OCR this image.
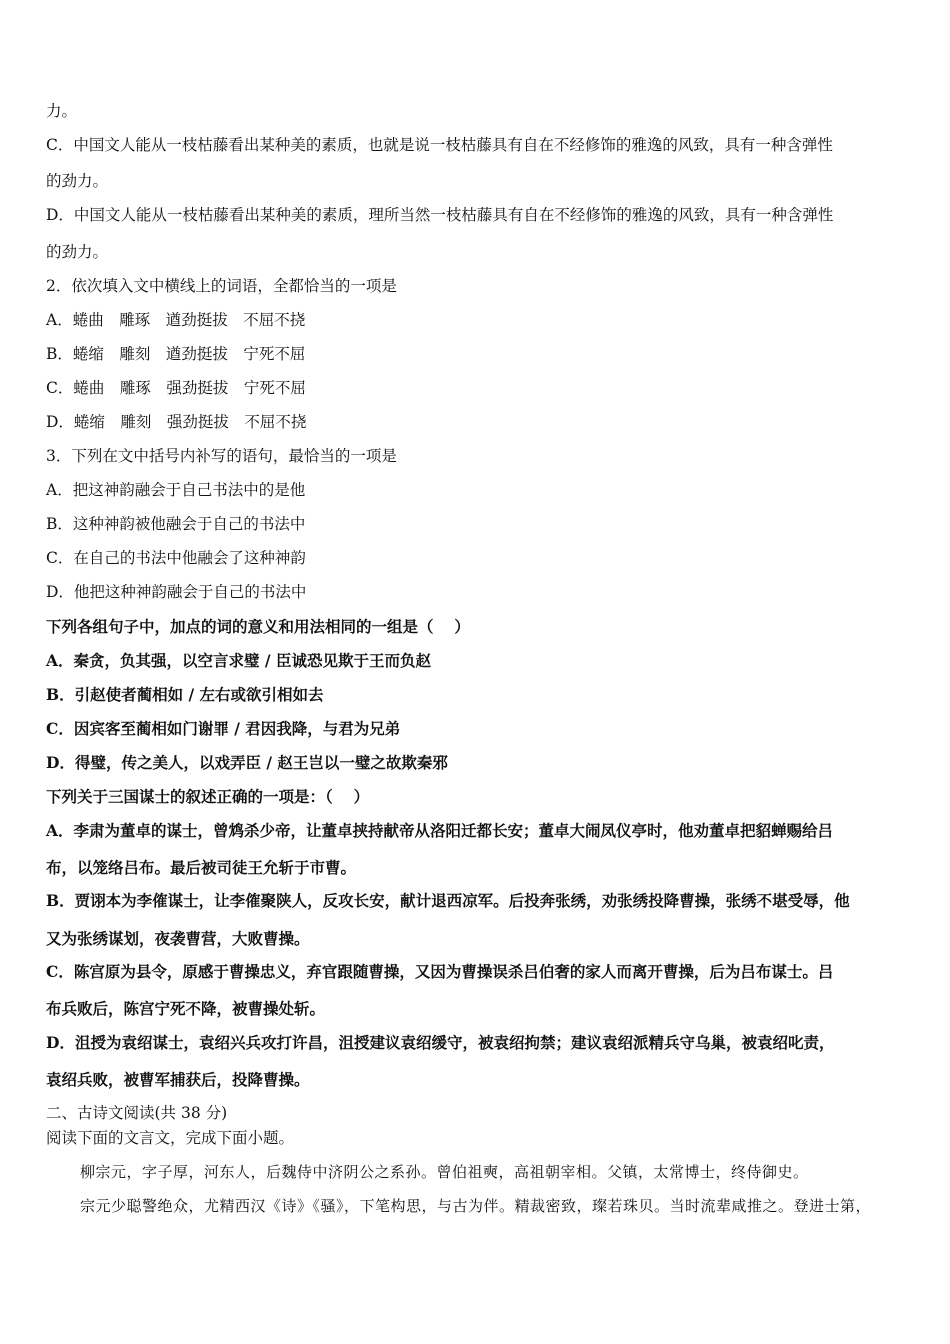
力。
C．中国文人能从一枝枯藤看出某种美的素质，也就是说一枝枯藤具有自在不经修饰的雅逸的风致，具有一种含弹性
的劲力。
D．中国文人能从一枝枯藤看出某种美的素质，理所当然一枝枯藤具有自在不经修饰的雅逸的风致，具有一种含弹性
的劲力。
2．依次填入文中横线上的词语，全都恰当的一项是
A．蜷曲　雕琢　遒劲挺拔　不屈不挠
B．蜷缩　雕刻　遒劲挺拔　宁死不屈
C．蜷曲　雕琢　强劲挺拔　宁死不屈
D．蜷缩　雕刻　强劲挺拔　不屈不挠
3．下列在文中括号内补写的语句，最恰当的一项是
A．把这神韵融会于自己书法中的是他
B．这种神韵被他融会于自己的书法中
C．在自己的书法中他融会了这种神韵
D．他把这种神韵融会于自己的书法中
下列各组句子中，加点的词的意义和用法相同的一组是（　 ）
A．秦贪，负其强，以空言求璧 / 臣诚恐见欺于王而负赵
B．引赵使者蔺相如 / 左右或欲引相如去
C．因宾客至蔺相如门谢罪 / 君因我降，与君为兄弟
D．得璧，传之美人，以戏弄臣 / 赵王岂以一璧之故欺秦邪
下列关于三国谋士的叙述正确的一项是：（　 ）
A．李肃为董卓的谋士，曾鸩杀少帝，让董卓挟持献帝从洛阳迁都长安；董卓大闹凤仪亭时，他劝董卓把貂蝉赐给吕
布，以笼络吕布。最后被司徒王允斩于市曹。
B．贾诩本为李傕谋士，让李傕聚陕人，反攻长安，献计退西凉军。后投奔张绣，劝张绣投降曹操，张绣不堪受辱，他
又为张绣谋划，夜袭曹营，大败曹操。
C．陈宫原为县令，原感于曹操忠义，弃官跟随曹操，又因为曹操误杀吕伯奢的家人而离开曹操，后为吕布谋士。吕
布兵败后，陈宫宁死不降，被曹操处斩。
D．沮授为袁绍谋士，袁绍兴兵攻打许昌，沮授建议袁绍缓守，被袁绍拘禁；建议袁绍派精兵守乌巢，被袁绍叱责，
袁绍兵败，被曹军捕获后，投降曹操。
二、古诗文阅读(共 38 分)
阅读下面的文言文，完成下面小题。
柳宗元，字子厚，河东人，后魏侍中济阴公之系孙。曾伯祖奭，高祖朝宰相。父镇，太常博士，终侍御史。
宗元少聪警绝众，尤精西汉《诗》《骚》，下笔构思，与古为伴。精裁密致，璨若珠贝。当时流辈咸推之。登进士第，
